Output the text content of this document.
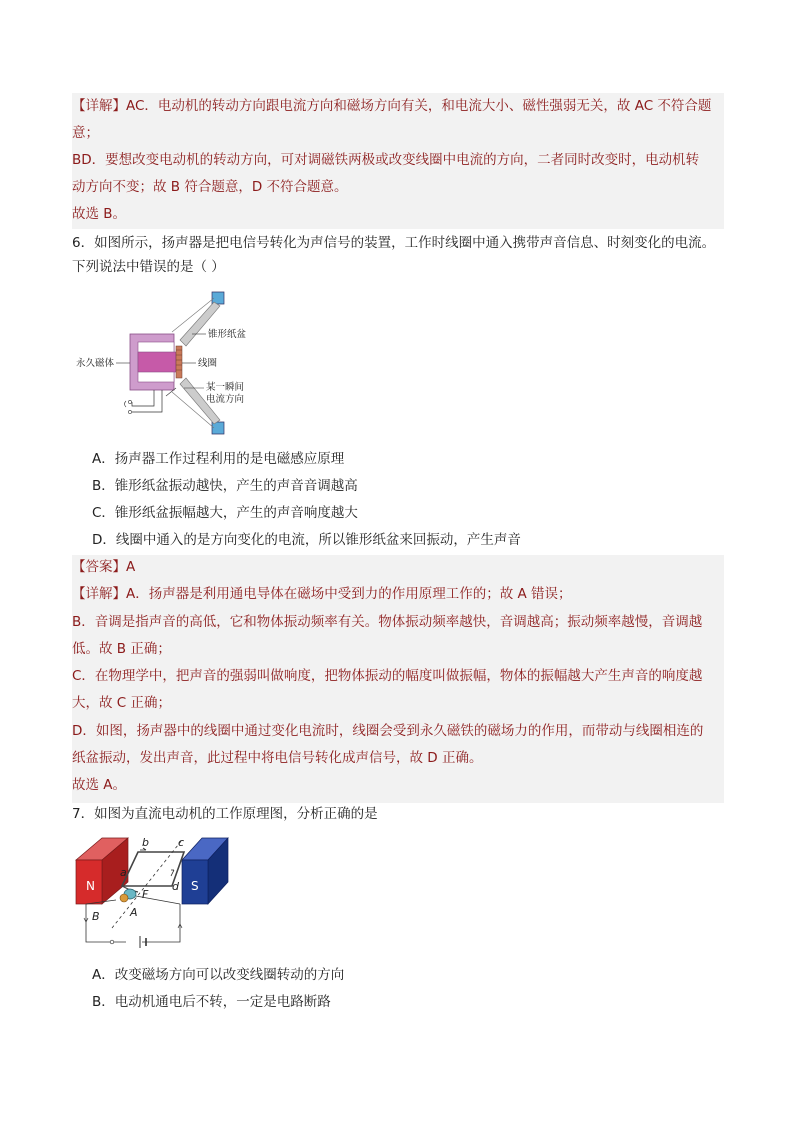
【详解】AC．电动机的转动方向跟电流方向和磁场方向有关，和电流大小、磁性强弱无关，故 AC 不符合题
意；
BD．要想改变电动机的转动方向，可对调磁铁两极或改变线圈中电流的方向，二者同时改变时，电动机转
动方向不变；故 B 符合题意，D 不符合题意。
故选 B。
6．如图所示，扬声器是把电信号转化为声信号的装置，工作时线圈中通入携带声音信息、时刻变化的电流。
下列说法中错误的是（ ）
锥形纸盆
永久磁体	线圈
某一瞬间
电流方向
A．扬声器工作过程利用的是电磁感应原理
B．锥形纸盆振动越快，产生的声音音调越高
C．锥形纸盆振幅越大，产生的声音响度越大
D．线圈中通入的是方向变化的电流，所以锥形纸盆来回振动，产生声音
【答案】A
【详解】A．扬声器是利用通电导体在磁场中受到力的作用原理工作的；故 A 错误；
B．音调是指声音的高低，它和物体振动频率有关。物体振动频率越快，音调越高；振动频率越慢，音调越
低。故 B 正确；
C．在物理学中，把声音的强弱叫做响度，把物体振动的幅度叫做振幅，物体的振幅越大产生声音的响度越
大，故 C 正确；
D．如图，扬声器中的线圈中通过变化电流时，线圈会受到永久磁铁的磁场力的作用，而带动与线圈相连的
纸盆振动，发出声音，此过程中将电信号转化成声信号，故 D 正确。
故选 A。
7．如图为直流电动机的工作原理图，分析正确的是
N	S
a
b	c
d
F
A
B
A．改变磁场方向可以改变线圈转动的方向
B．电动机通电后不转，一定是电路断路
